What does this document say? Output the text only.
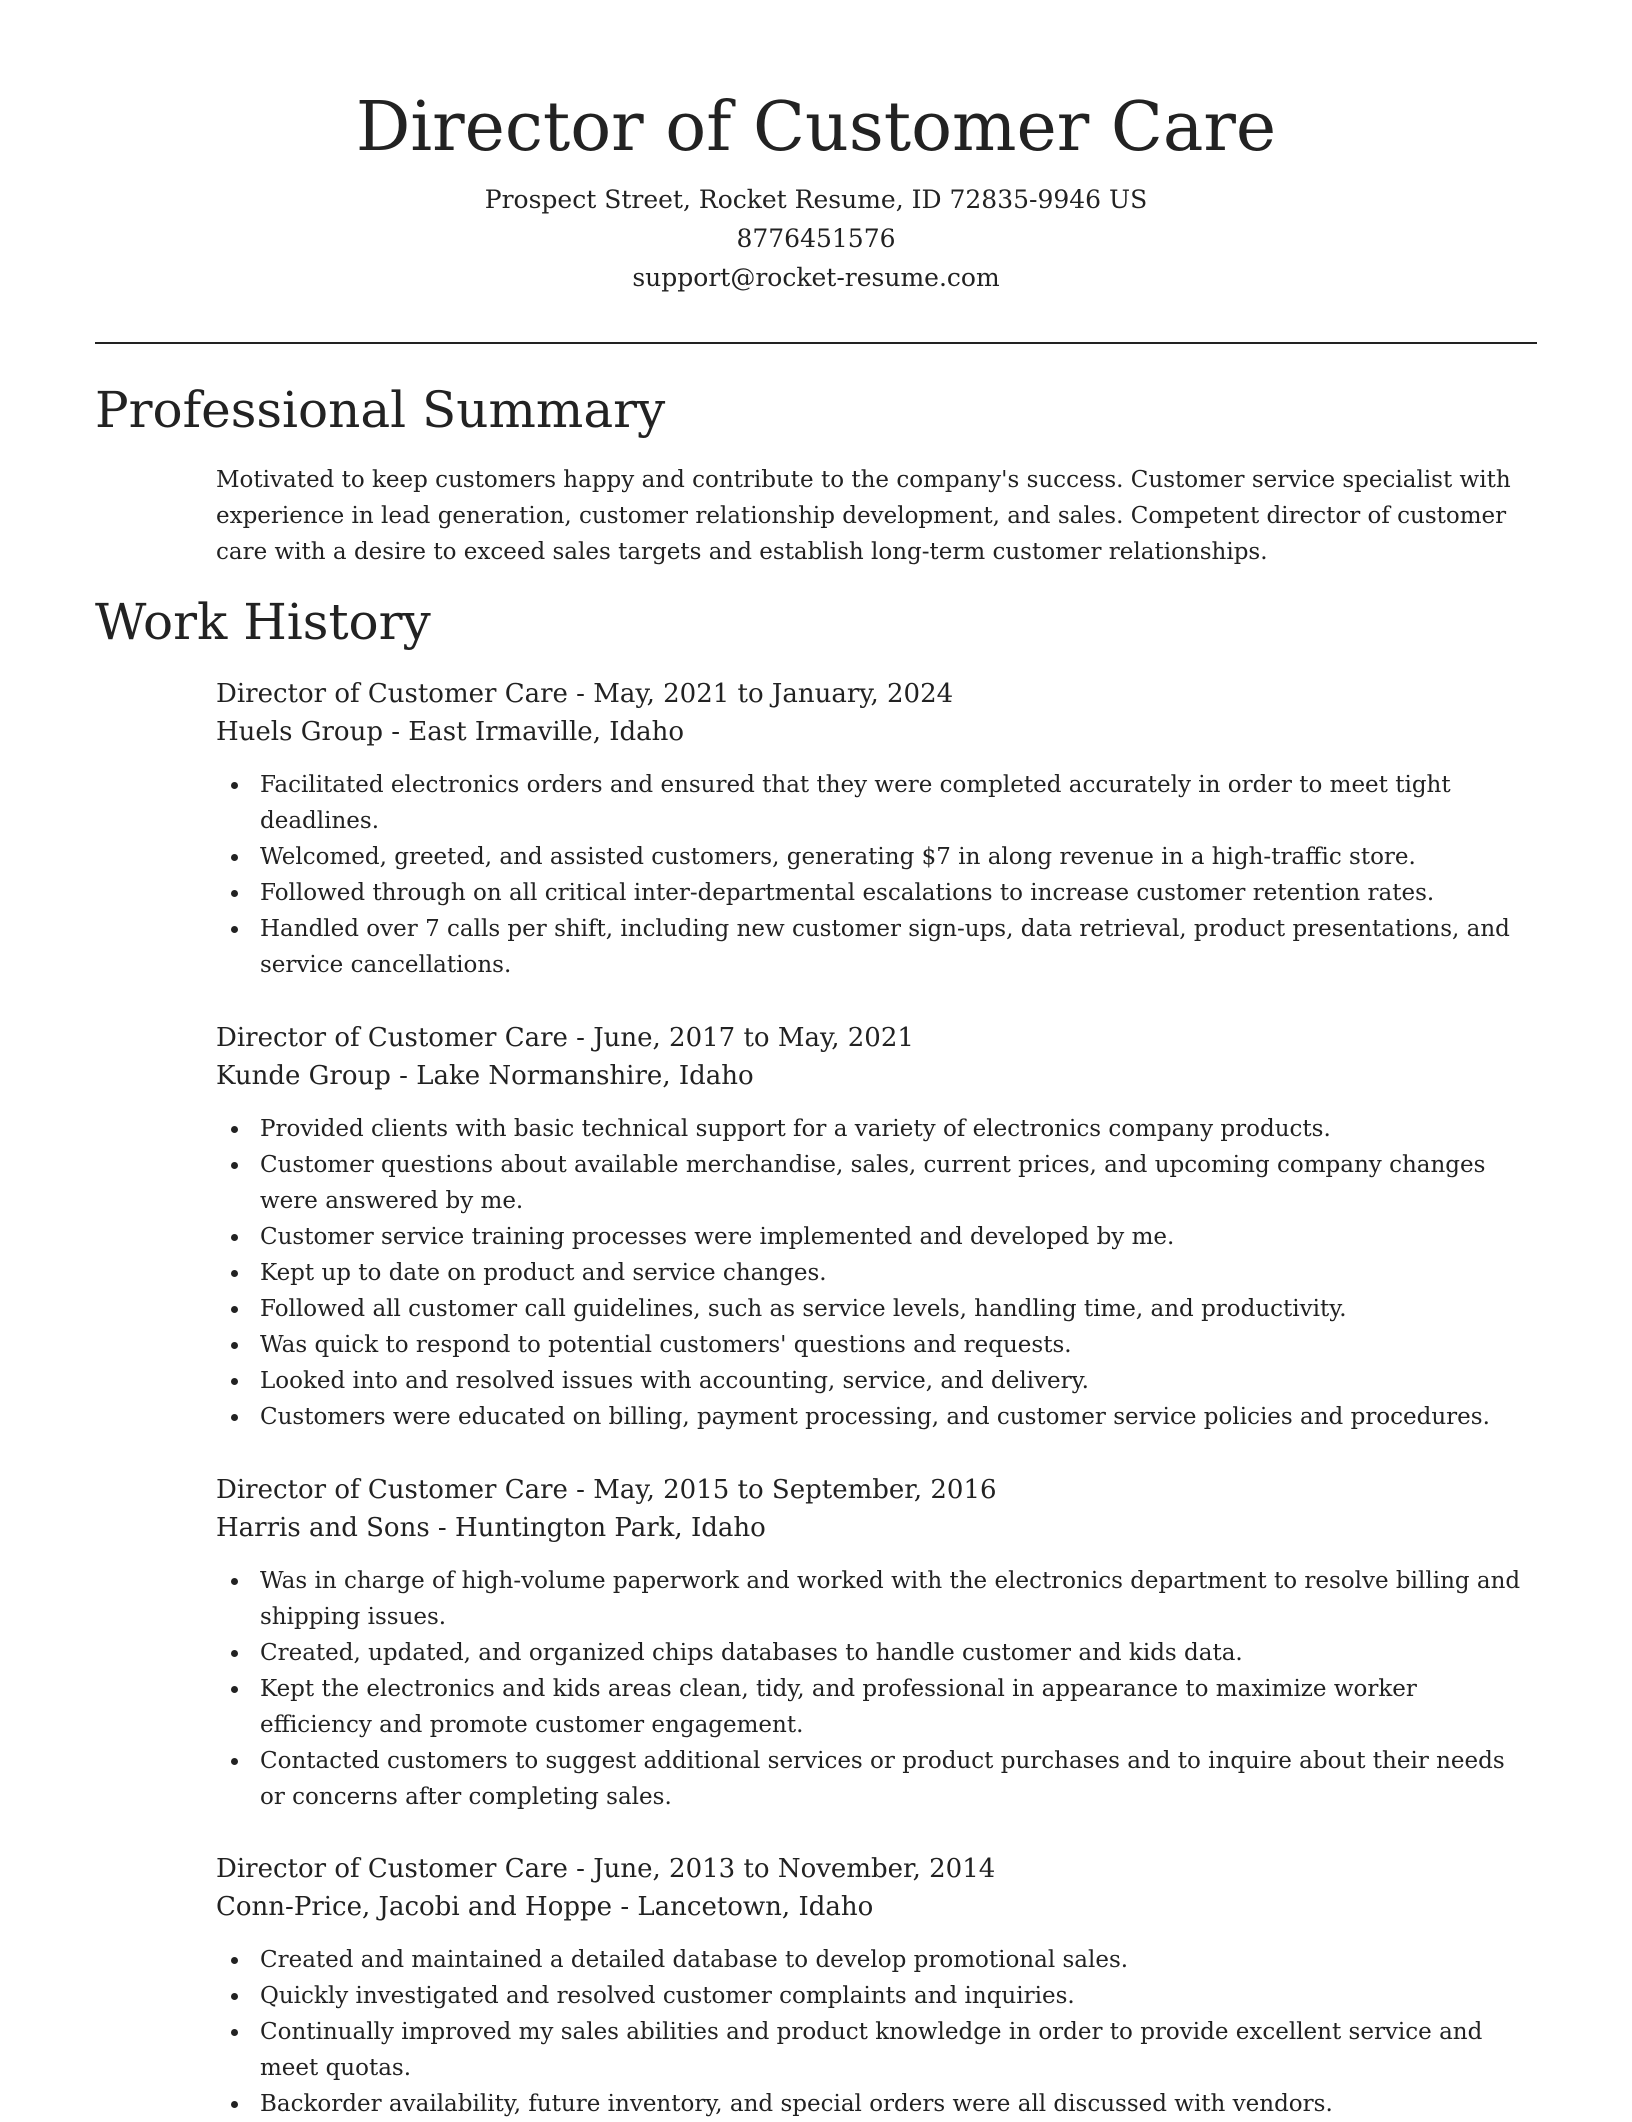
Director of Customer Care

Prospect Street, Rocket Resume, ID 72835-9946 US

8776451576

support@rocket-resume.com

Professional Summary

Motivated to keep customers happy and contribute to the company's success. Customer service specialist with experience in lead generation, customer relationship development, and sales. Competent director of customer care with a desire to exceed sales targets and establish long-term customer relationships.

Work History

Director of Customer Care - May, 2021 to January, 2024

Huels Group - East Irmaville, Idaho

Facilitated electronics orders and ensured that they were completed accurately in order to meet tight deadlines.
Welcomed, greeted, and assisted customers, generating $7 in along revenue in a high-traffic store.
Followed through on all critical inter-departmental escalations to increase customer retention rates.
Handled over 7 calls per shift, including new customer sign-ups, data retrieval, product presentations, and service cancellations.

Director of Customer Care - June, 2017 to May, 2021

Kunde Group - Lake Normanshire, Idaho

Provided clients with basic technical support for a variety of electronics company products.
Customer questions about available merchandise, sales, current prices, and upcoming company changes were answered by me.
Customer service training processes were implemented and developed by me.
Kept up to date on product and service changes.
Followed all customer call guidelines, such as service levels, handling time, and productivity.
Was quick to respond to potential customers' questions and requests.
Looked into and resolved issues with accounting, service, and delivery.
Customers were educated on billing, payment processing, and customer service policies and procedures.

Director of Customer Care - May, 2015 to September, 2016

Harris and Sons - Huntington Park, Idaho

Was in charge of high-volume paperwork and worked with the electronics department to resolve billing and shipping issues.
Created, updated, and organized chips databases to handle customer and kids data.
Kept the electronics and kids areas clean, tidy, and professional in appearance to maximize worker efficiency and promote customer engagement.
Contacted customers to suggest additional services or product purchases and to inquire about their needs or concerns after completing sales.

Director of Customer Care - June, 2013 to November, 2014

Conn-Price, Jacobi and Hoppe - Lancetown, Idaho

Created and maintained a detailed database to develop promotional sales.
Quickly investigated and resolved customer complaints and inquiries.
Continually improved my sales abilities and product knowledge in order to provide excellent service and meet quotas.
Backorder availability, future inventory, and special orders were all discussed with vendors.
